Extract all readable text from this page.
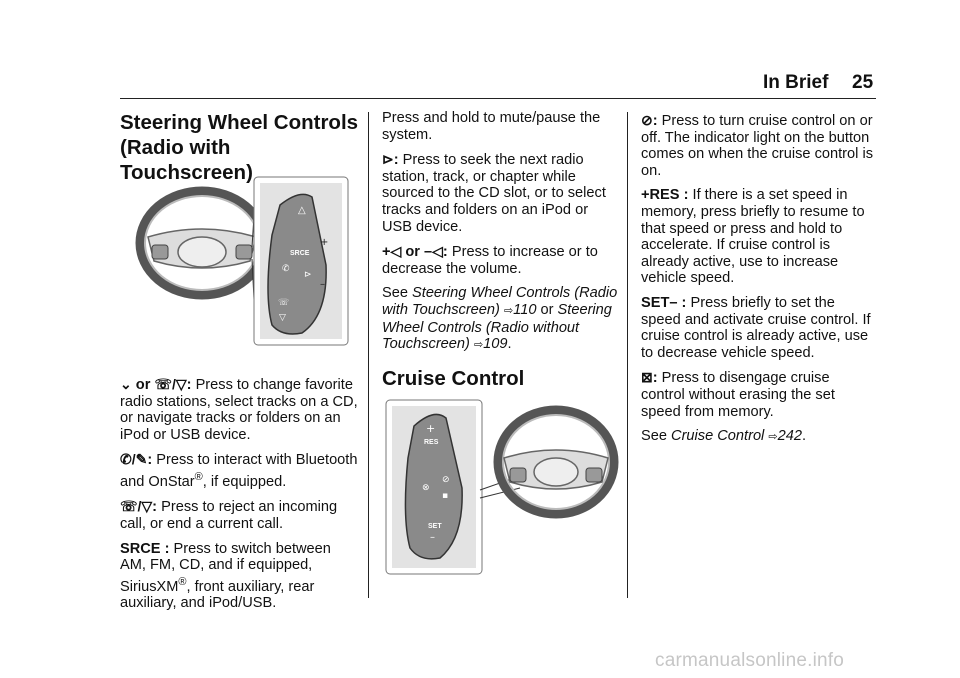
In Brief 25
Steering Wheel Controls
(Radio with Touchscreen)
△
SRCE
✆
⊳
☏
▽
+
–

⌄ or ☏/▽: Press to change favorite radio stations, select tracks on a CD, or navigate tracks or folders on an iPod or USB device.

✆/✎: Press to interact with Bluetooth and OnStar®, if equipped.

☏/▽: Press to reject an incoming call, or end a current call.

SRCE : Press to switch between AM, FM, CD, and if equipped, SiriusXM®, front auxiliary, rear auxiliary, and iPod/USB.

Press and hold to mute/pause the system.

⊳: Press to seek the next radio station, track, or chapter while sourced to the CD slot, or to select tracks and folders on an iPod or USB device.

+◁ or –◁: Press to increase or to decrease the volume.

See Steering Wheel Controls (Radio with Touchscreen) ⇨110 or Steering Wheel Controls (Radio without Touchscreen) ⇨109.

Cruise Control
+
RES
⊗
⊘
▪
SET
–

⊘: Press to turn cruise control on or off. The indicator light on the button comes on when the cruise control is on.

+RES : If there is a set speed in memory, press briefly to resume to that speed or press and hold to accelerate. If cruise control is already active, use to increase vehicle speed.

SET– : Press briefly to set the speed and activate cruise control. If cruise control is already active, use to decrease vehicle speed.

⊠: Press to disengage cruise control without erasing the set speed from memory.

See Cruise Control ⇨242.

carmanualsonline.info
